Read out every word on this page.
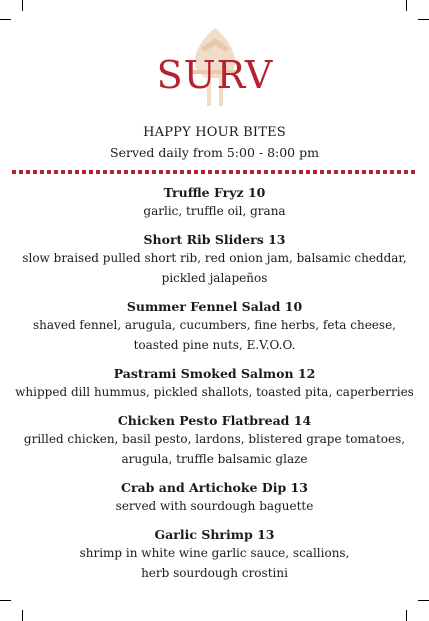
SURV
HAPPY HOUR BITES
Served daily from 5:00 - 8:00 pm
Truffle Fryz 10
garlic, truffle oil, grana
Short Rib Sliders 13
slow braised pulled short rib, red onion jam, balsamic cheddar,
pickled jalapeños
Summer Fennel Salad 10
shaved fennel, arugula, cucumbers, fine herbs, feta cheese,
toasted pine nuts, E.V.O.O.
Pastrami Smoked Salmon 12
whipped dill hummus, pickled shallots, toasted pita, caperberries
Chicken Pesto Flatbread 14
grilled chicken, basil pesto, lardons, blistered grape tomatoes,
arugula, truffle balsamic glaze
Crab and Artichoke Dip 13
served with sourdough baguette
Garlic Shrimp 13
shrimp in white wine garlic sauce, scallions,
herb sourdough crostini
